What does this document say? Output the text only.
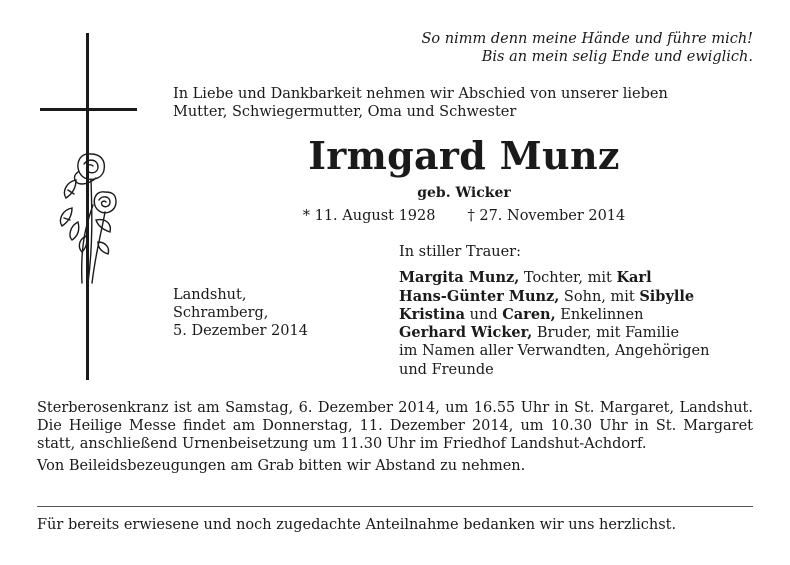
So nimm denn meine Hände und führe mich!

Bis an mein selig Ende und ewiglich.

In Liebe und Dankbarkeit nehmen wir Abschied von unserer lieben

Mutter, Schwiegermutter, Oma und Schwester

Irmgard Munz
geb. Wicker
* 11. August 1928 † 27. November 2014

Landshut,

Schramberg,

5. Dezember 2014

In stiller Trauer:

Margita Munz, Tochter, mit Karl

Hans-Günter Munz, Sohn, mit Sibylle

Kristina und Caren, Enkelinnen

Gerhard Wicker, Bruder, mit Familie

im Namen aller Verwandten, Angehörigen

und Freunde

Sterberosenkranz ist am Samstag, 6. Dezember 2014, um 16.55 Uhr in St. Margaret, Landshut. Die Heilige Messe findet am Donnerstag, 11. Dezember 2014, um 10.30 Uhr in St. Margaret statt, anschließend Urnenbeisetzung um 11.30 Uhr im Friedhof Landshut-Achdorf.

Von Beileidsbezeugungen am Grab bitten wir Abstand zu nehmen.

Für bereits erwiesene und noch zugedachte Anteilnahme bedanken wir uns herzlichst.
